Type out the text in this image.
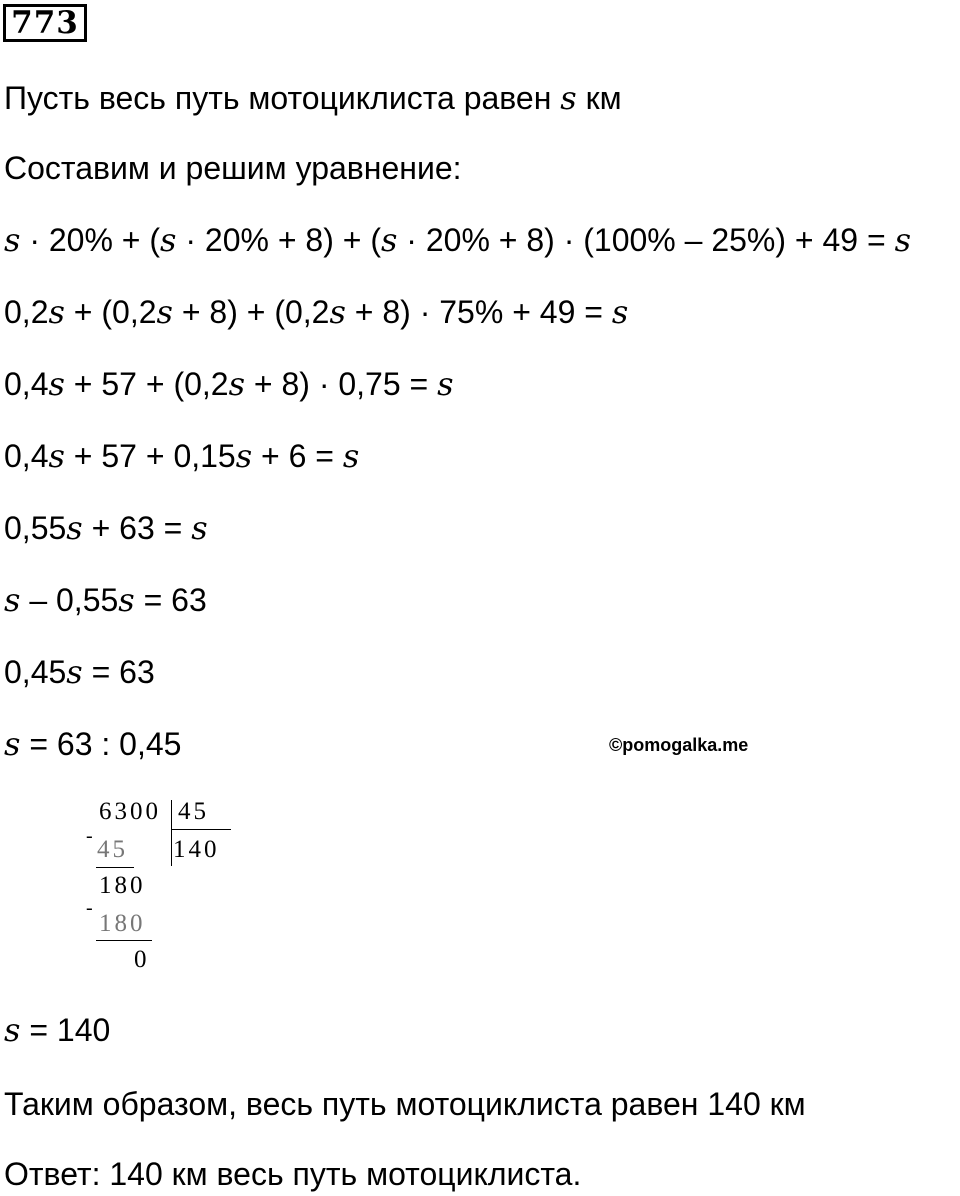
773
Пусть весь путь мотоциклиста равен s км
Составим и решим уравнение:
s · 20% + (s · 20% + 8) + (s · 20% + 8) · (100% – 25%) + 49 = s
0,2s + (0,2s + 8) + (0,2s + 8) · 75% + 49 = s
0,4s + 57 + (0,2s + 8) · 0,75 = s
0,4s + 57 + 0,15s + 6 = s
0,55s + 63 = s
s – 0,55s = 63
0,45s = 63
s = 63 : 0,45	©pomogalka.me
6300 45
140
- 45
180
-
180
0
s = 140
Таким образом, весь путь мотоциклиста равен 140 км
Ответ: 140 км весь путь мотоциклиста.
